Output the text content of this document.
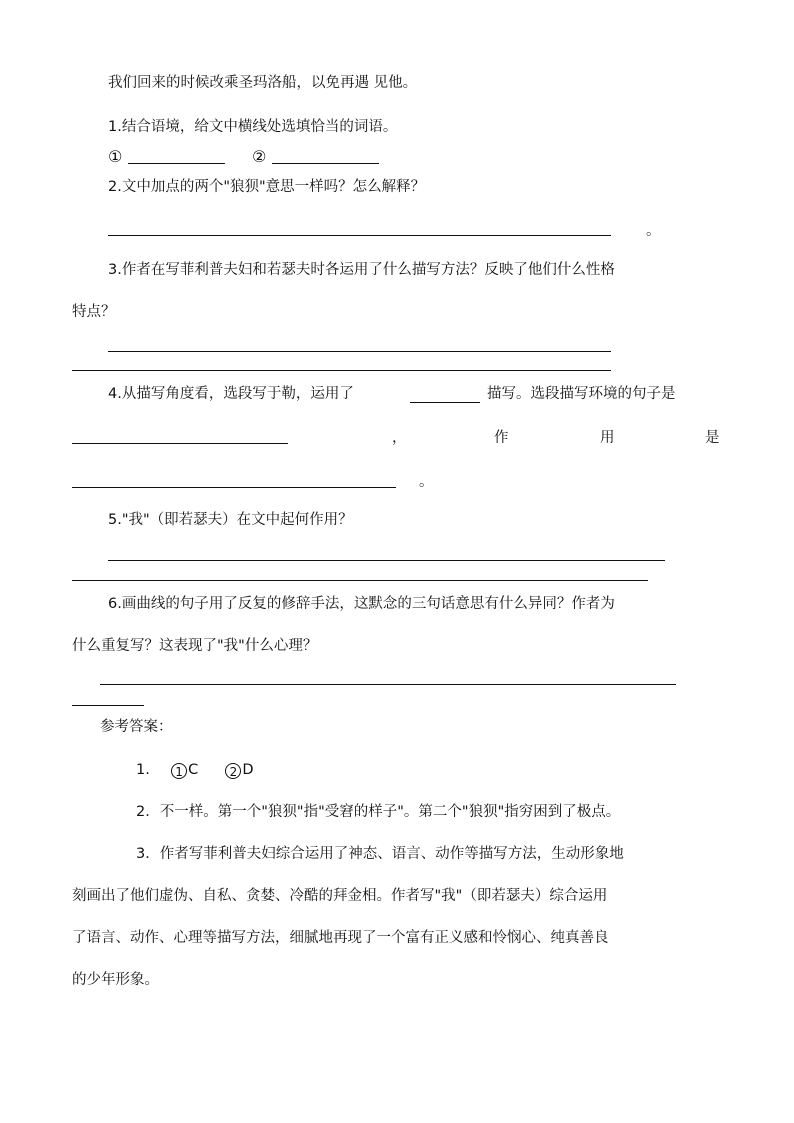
我们回来的时候改乘圣玛洛船，以免再遇 见他。
1.结合语境，给文中横线处选填恰当的词语。
①	②
2.文中加点的两个"狼狈"意思一样吗？怎么解释？
。
3.作者在写菲利普夫妇和若瑟夫时各运用了什么描写方法？反映了他们什么性格
特点？
4.从描写角度看，选段写于勒，运用了	描写。选段描写环境的句子是
，	作	用	是
。
5."我"（即若瑟夫）在文中起何作用？
6.画曲线的句子用了反复的修辞手法，这默念的三句话意思有什么异同？作者为
什么重复写？这表现了"我"什么心理？
参考答案：
1. 1 C	2 D
2．不一样。第一个"狼狈"指"受窘的样子"。第二个"狼狈"指穷困到了极点。
3．作者写菲利普夫妇综合运用了神态、语言、动作等描写方法，生动形象地
刻画出了他们虚伪、自私、贪婪、冷酷的拜金相。作者写"我"（即若瑟夫）综合运用
了语言、动作、心理等描写方法，细腻地再现了一个富有正义感和怜悯心、纯真善良
的少年形象。
